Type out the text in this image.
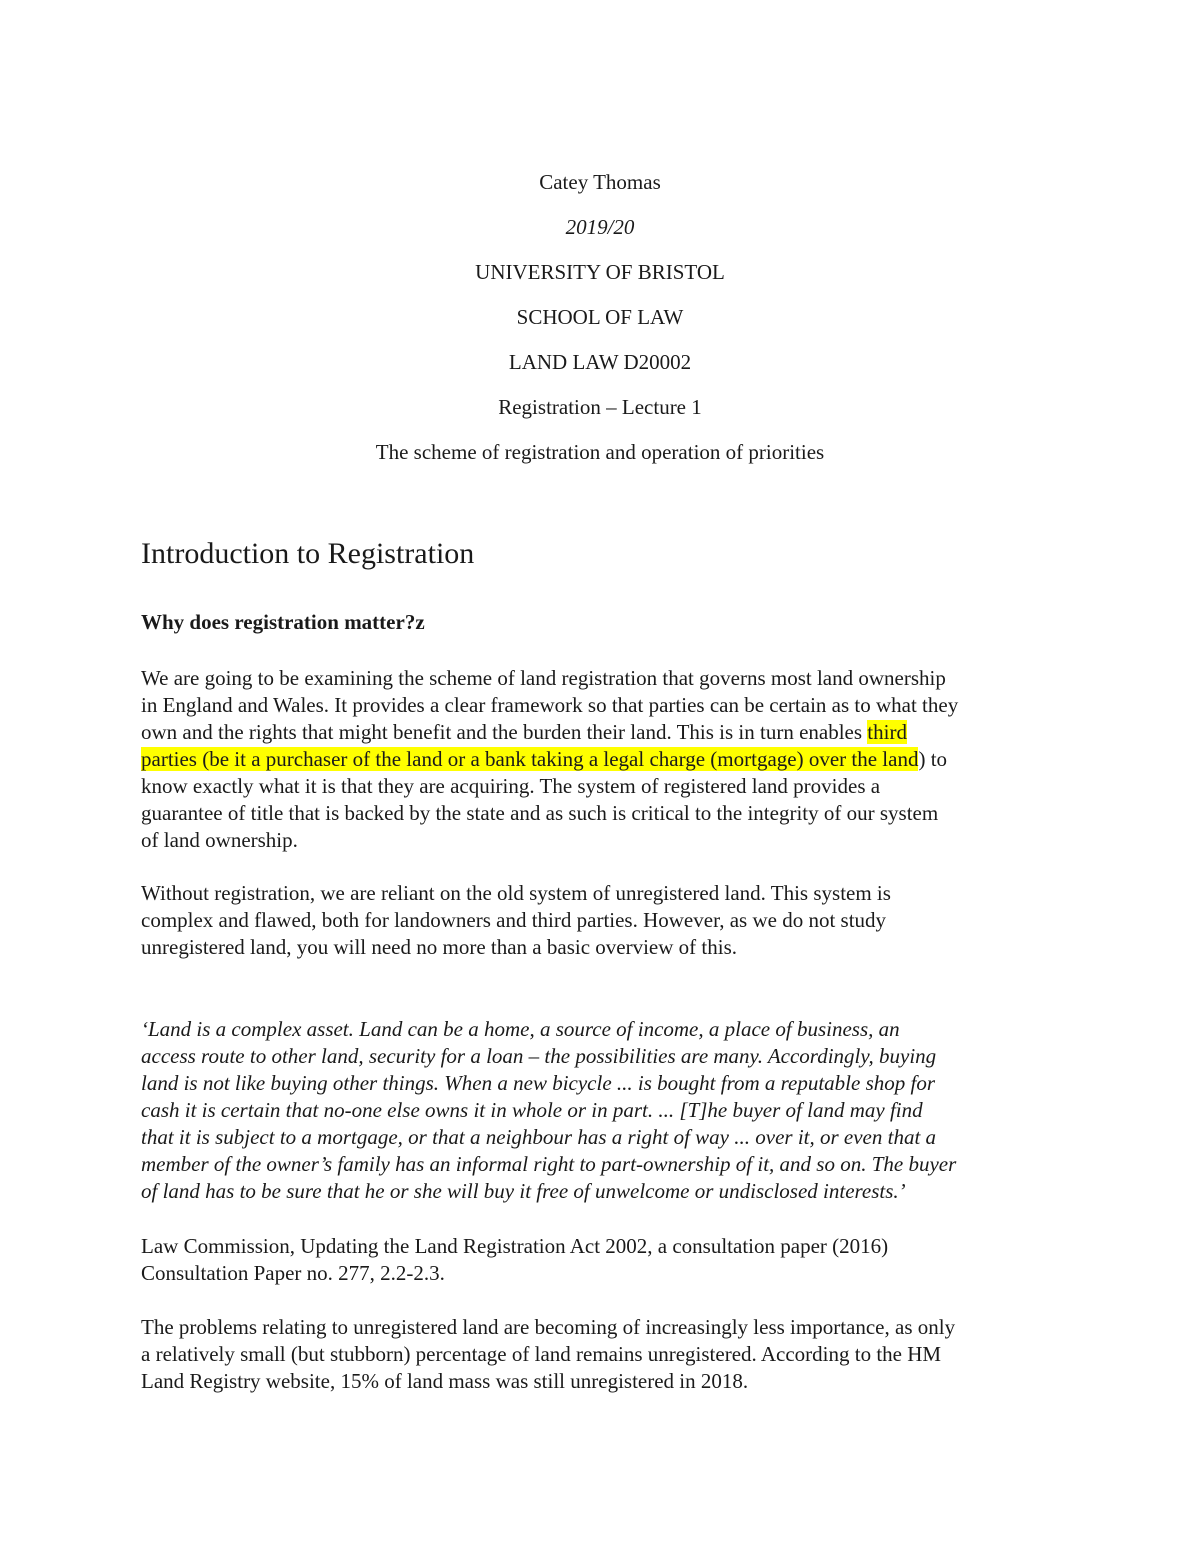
Catey Thomas
2019/20
UNIVERSITY OF BRISTOL
SCHOOL OF LAW
LAND LAW D20002
Registration – Lecture 1
The scheme of registration and operation of priorities
Introduction to Registration
Why does registration matter?z
We are going to be examining the scheme of land registration that governs most land ownership
in England and Wales. It provides a clear framework so that parties can be certain as to what they
own and the rights that might benefit and the burden their land. This is in turn enables third
parties (be it a purchaser of the land or a bank taking a legal charge (mortgage) over the land) to
know exactly what it is that they are acquiring. The system of registered land provides a
guarantee of title that is backed by the state and as such is critical to the integrity of our system
of land ownership.
Without registration, we are reliant on the old system of unregistered land. This system is
complex and flawed, both for landowners and third parties. However, as we do not study
unregistered land, you will need no more than a basic overview of this.
‘Land is a complex asset. Land can be a home, a source of income, a place of business, an
access route to other land, security for a loan – the possibilities are many. Accordingly, buying
land is not like buying other things. When a new bicycle ... is bought from a reputable shop for
cash it is certain that no-one else owns it in whole or in part. ... [T]he buyer of land may find
that it is subject to a mortgage, or that a neighbour has a right of way ... over it, or even that a
member of the owner’s family has an informal right to part-ownership of it, and so on. The buyer
of land has to be sure that he or she will buy it free of unwelcome or undisclosed interests.’
Law Commission, Updating the Land Registration Act 2002, a consultation paper (2016)
Consultation Paper no. 277, 2.2-2.3.
The problems relating to unregistered land are becoming of increasingly less importance, as only
a relatively small (but stubborn) percentage of land remains unregistered. According to the HM
Land Registry website, 15% of land mass was still unregistered in 2018.
